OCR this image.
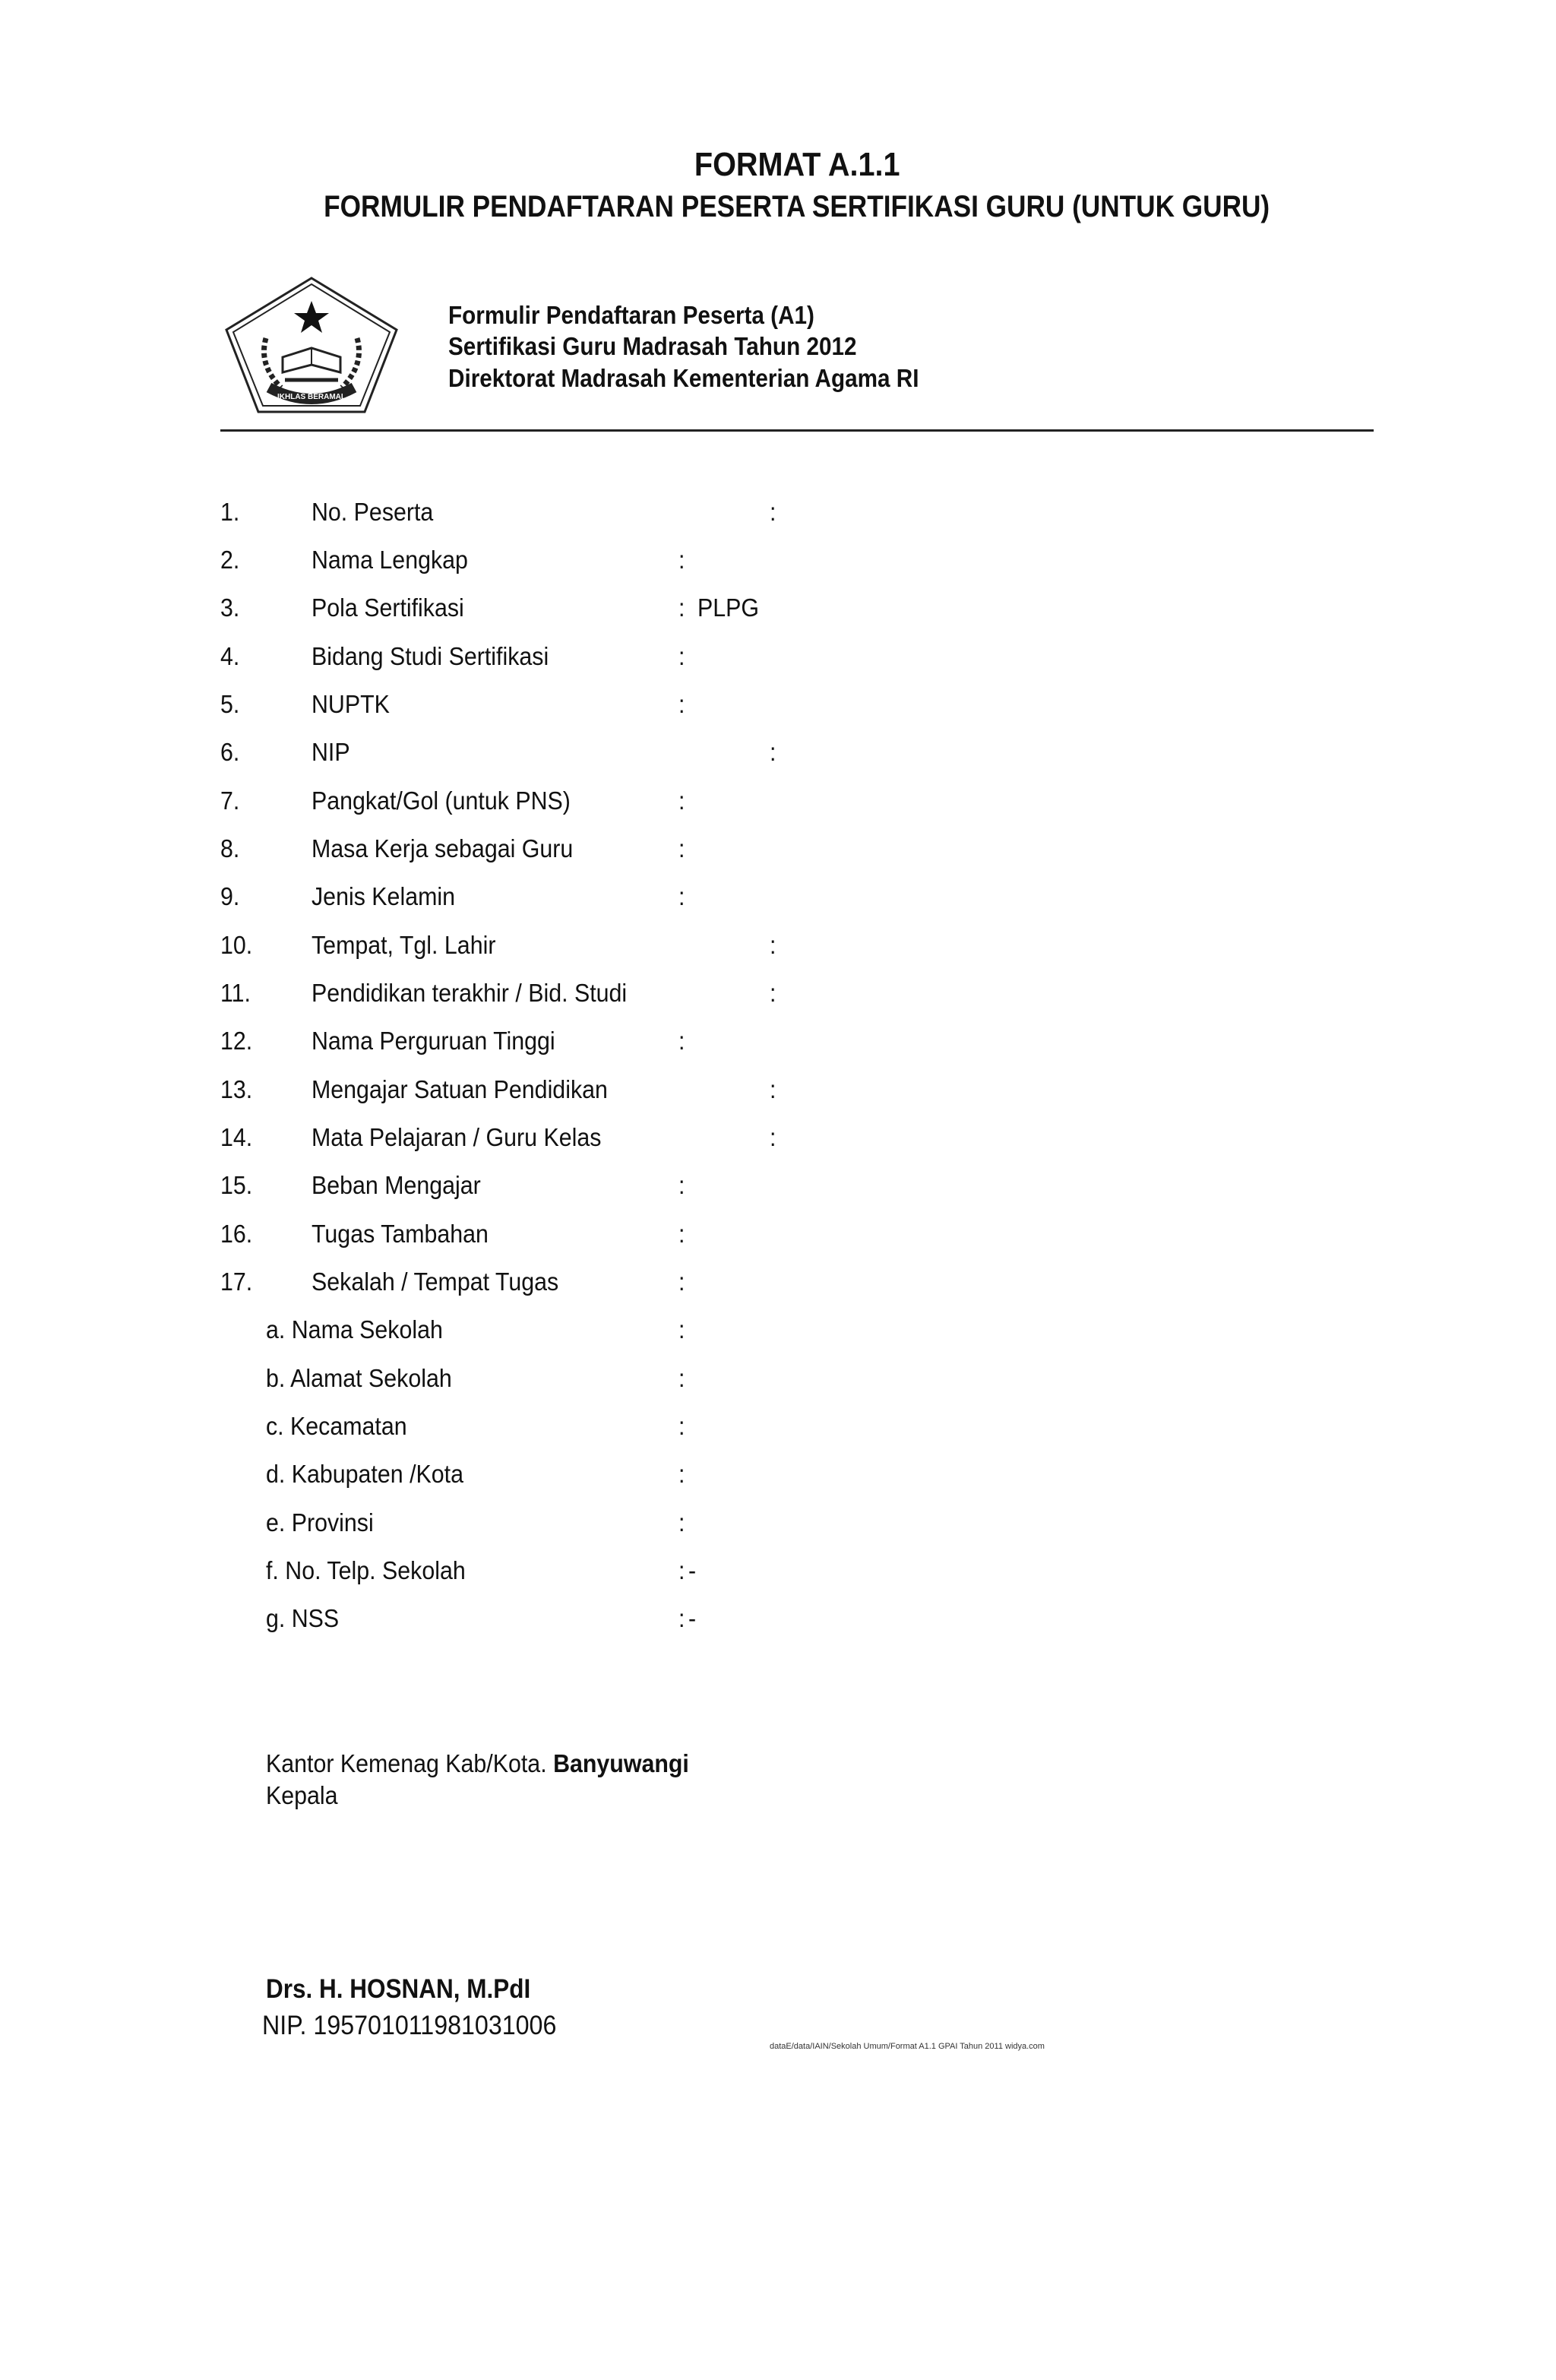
FORMAT A.1.1
FORMULIR PENDAFTARAN PESERTA SERTIFIKASI GURU (UNTUK GURU)
IKHLAS BERAMAL
Formulir Pendaftaran Peserta (A1)
Sertifikasi Guru Madrasah Tahun 2012
Direktorat Madrasah Kementerian Agama RI
1.	No. Peserta	:
2.	Nama Lengkap	:
3.	Pola Sertifikasi	: PLPG
4.	Bidang Studi Sertifikasi	:
5.	NUPTK	:
6.	NIP	:
7.	Pangkat/Gol (untuk PNS)	:
8.	Masa Kerja sebagai Guru	:
9.	Jenis Kelamin	:
10. Tempat, Tgl. Lahir	:
11. Pendidikan terakhir / Bid. Studi	:
12. Nama Perguruan Tinggi	:
13. Mengajar Satuan Pendidikan	:
14. Mata Pelajaran / Guru Kelas	:
15. Beban Mengajar	:
16. Tugas Tambahan	:
17. Sekalah / Tempat Tugas	:
a. Nama Sekolah	:
b. Alamat Sekolah	:
c. Kecamatan	:
d. Kabupaten /Kota	:
e. Provinsi	:
f. No. Telp. Sekolah	: -
g. NSS	: -
Kantor Kemenag Kab/Kota. Banyuwangi
Kepala
Drs. H. HOSNAN, M.PdI
NIP. 195701011981031006
dataE/data/IAIN/Sekolah Umum/Format A1.1 GPAI Tahun 2011 widya.com
